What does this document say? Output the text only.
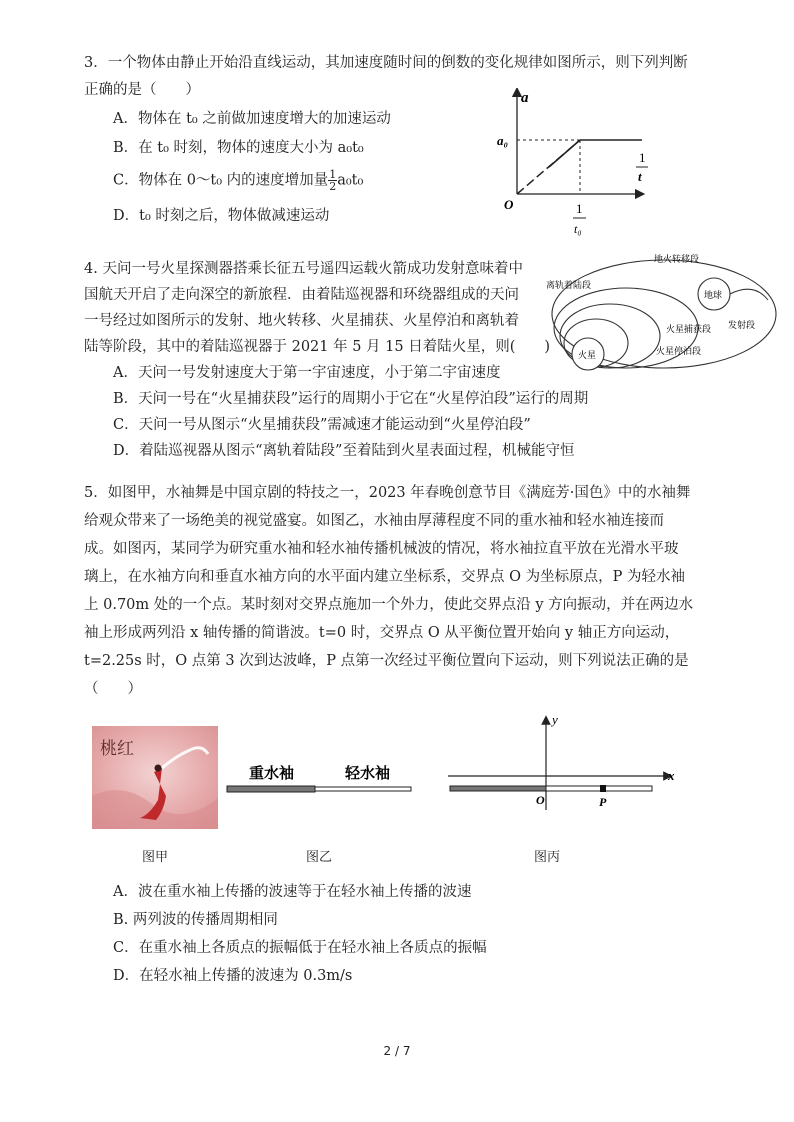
3．一个物体由静止开始沿直线运动，其加速度随时间的倒数的变化规律如图所示，则下列判断
正确的是（　　）
A．物体在 t₀ 之前做加速度增大的加速运动
B．在 t₀ 时刻，物体的速度大小为 a₀t₀
C．物体在 0～t₀ 内的速度增加量 $\frac{1}{2} a_0t_0$
D．t₀ 时刻之后，物体做减速运动
a
a₀
O
1
t
1
t₀
4. 天问一号火星探测器搭乘长征五号遥四运载火箭成功发射意味着中
国航天开启了走向深空的新旅程．由着陆巡视器和环绕器组成的天问
一号经过如图所示的发射、地火转移、火星捕获、火星停泊和离轨着
陆等阶段，其中的着陆巡视器于 2021 年 5 月 15 日着陆火星，则(　　)
A．天问一号发射速度大于第一宇宙速度，小于第二宇宙速度
B．天问一号在“火星捕获段”运行的周期小于它在“火星停泊段”运行的周期
C．天问一号从图示“火星捕获段”需减速才能运动到“火星停泊段”
D．着陆巡视器从图示“离轨着陆段”至着陆到火星表面过程，机械能守恒
地火转移段
离轨着陆段
地球
火星
火星捕获段 发射段
火星停泊段
5．如图甲，水袖舞是中国京剧的特技之一，2023 年春晚创意节目《满庭芳·国色》中的水袖舞
给观众带来了一场绝美的视觉盛宴。如图乙，水袖由厚薄程度不同的重水袖和轻水袖连接而
成。如图丙，某同学为研究重水袖和轻水袖传播机械波的情况，将水袖拉直平放在光滑水平玻
璃上，在水袖方向和垂直水袖方向的水平面内建立坐标系，交界点 O 为坐标原点，P 为轻水袖
上 0.70m 处的一个点。某时刻对交界点施加一个外力，使此交界点沿 y 方向振动，并在两边水
袖上形成两列沿 x 轴传播的简谐波。t=0 时，交界点 O 从平衡位置开始向 y 轴正方向运动，
t=2.25s 时，O 点第 3 次到达波峰，P 点第一次经过平衡位置向下运动，则下列说法正确的是
（　　）
桃红
重水袖	轻水袖
y
x
O	P
图甲	图乙	图丙
A．波在重水袖上传播的波速等于在轻水袖上传播的波速
B. 两列波的传播周期相同
C．在重水袖上各质点的振幅低于在轻水袖上各质点的振幅
D．在轻水袖上传播的波速为 0.3m/s
2 / 7
